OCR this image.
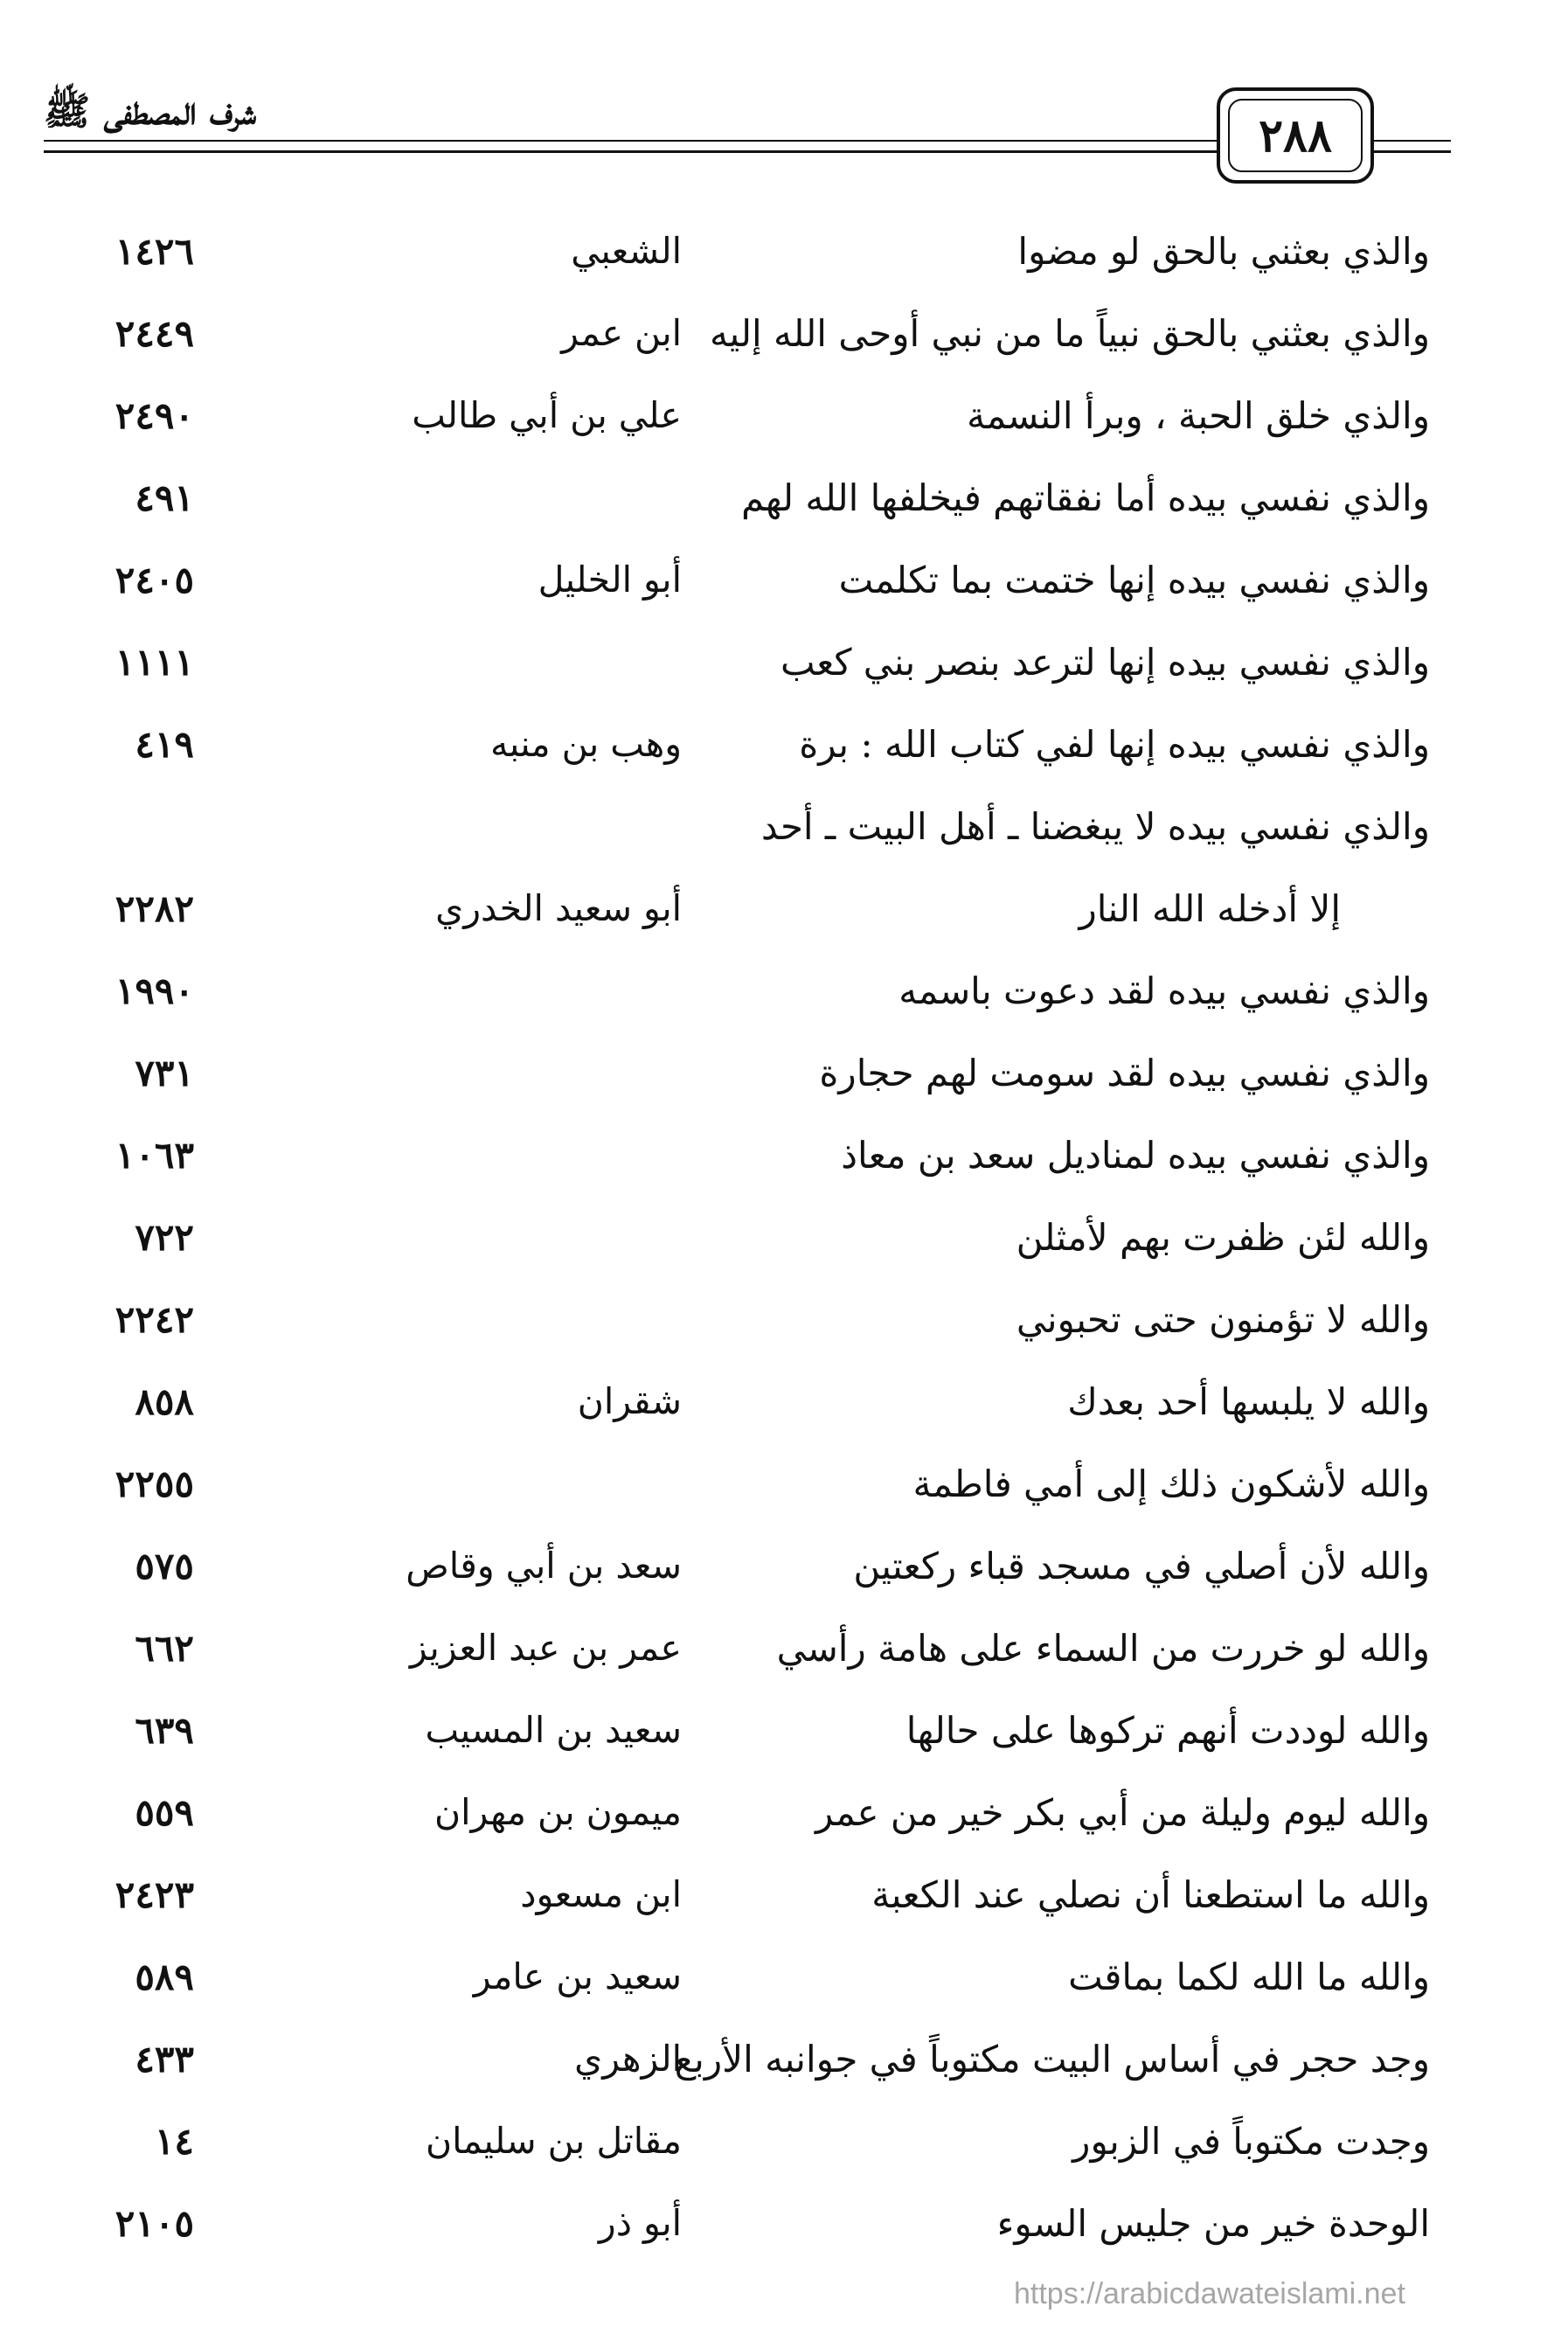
شرف المصطفى ﷺ	٢٨٨
والذي بعثني بالحق لو مضوا
الشعبي
١٤٢٦
والذي بعثني بالحق نبياً ما من نبي أوحى الله إليه
ابن عمر
٢٤٤٩
والذي خلق الحبة ، وبرأ النسمة
علي بن أبي طالب
٢٤٩٠
والذي نفسي بيده أما نفقاتهم فيخلفها الله لهم
٤٩١
والذي نفسي بيده إنها ختمت بما تكلمت
أبو الخليل
٢٤٠٥
والذي نفسي بيده إنها لترعد بنصر بني كعب
١١١١
والذي نفسي بيده إنها لفي كتاب الله : برة
وهب بن منبه
٤١٩
والذي نفسي بيده لا يبغضنا ـ أهل البيت ـ أحد
إلا أدخله الله النار
أبو سعيد الخدري
٢٢٨٢
والذي نفسي بيده لقد دعوت باسمه
١٩٩٠
والذي نفسي بيده لقد سومت لهم حجارة
٧٣١
والذي نفسي بيده لمناديل سعد بن معاذ
١٠٦٣
والله لئن ظفرت بهم لأمثلن
٧٢٢
والله لا تؤمنون حتى تحبوني
٢٢٤٢
والله لا يلبسها أحد بعدك
شقران
٨٥٨
والله لأشكون ذلك إلى أمي فاطمة
٢٢٥٥
والله لأن أصلي في مسجد قباء ركعتين
سعد بن أبي وقاص
٥٧٥
والله لو خررت من السماء على هامة رأسي
عمر بن عبد العزيز
٦٦٢
والله لوددت أنهم تركوها على حالها
سعيد بن المسيب
٦٣٩
والله ليوم وليلة من أبي بكر خير من عمر
ميمون بن مهران
٥٥٩
والله ما استطعنا أن نصلي عند الكعبة
ابن مسعود
٢٤٢٣
والله ما الله لكما بماقت
سعيد بن عامر
٥٨٩
وجد حجر في أساس البيت مكتوباً في جوانبه الأربع
الزهري
٤٣٣
وجدت مكتوباً في الزبور
مقاتل بن سليمان
١٤
الوحدة خير من جليس السوء
أبو ذر
٢١٠٥
https://arabicdawateislami.net
